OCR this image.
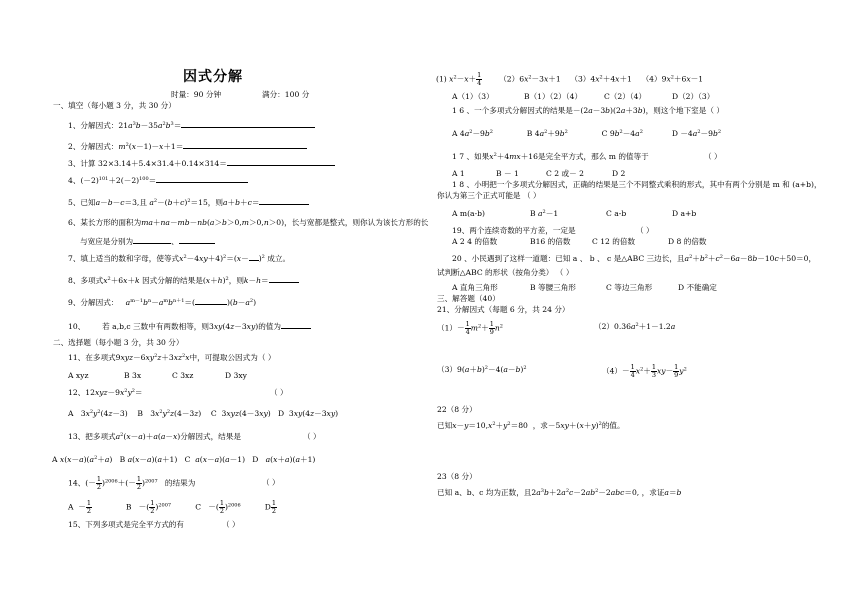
因式分解
时量：90 分钟	满分：100 分
一、填空（每小题 3 分，共 30 分）
1、分解因式：$21a^3b-35a^2b^3=$
2、分解因式：$m^2(x-1)-x+1=$
3、计算 32×3.14＋5.4×31.4＋0.14×314＝
4、$(-2)^{101}+2(-2)^{100}=$
5、已知a－b－c＝3,且 $a^2-(b+c)^2=15$，则a＋b＋c＝
6、某长方形的面积为ma＋na－mb－nb(a＞b＞0,m＞0,n＞0)，长与宽都是整式，则你认为该长方形的长
与宽应是分别为	、
7、填上适当的数和字母，使等式$x^2-4xy+4)^2=(x- )^2$ 成立。
8、多项式$x^2+6x+k$ 因式分解的结果是$(x+h)^2$，则k－h＝
9、分解因式： $a^{m-1}b^n-a^mb^{n+1}=$(	)$(b-a^2)$
10、 若 a,b,c 三数中有两数相等，则3xy(4z－3xy)的值为
二、选择题（每小题 3 分，共 30 分）
11、在多项式$9xyz-6xy^2z+3xz^2x$中，可提取公因式为（ ）
A xyz	B 3x	C 3xz	D 3xy
12、$12xyz-9x^2y^2=$	（ ）
A   $3x^2y^2(4z-3)$    B   $3x^2y^2z(4-3z)$    C  3xyz(4－3xy)   D  3xy(4z－3xy)
13、把多项式$a^2(x-a)+a(a-x)$分解因式，结果是	（ ）
A $x(x-a)(a^2+a)$   B a(x－a)(a＋1)   C  a(x－a)(a－1)   D   a(x＋a)(a＋1)
14、(－ $\frac{1}{2} )^{2006}+(- \frac{1}{2} )^{2007}$ 的结果为	（ ）
$A - \frac{1}{2}$ B   －( $\frac{1}{2} )^{2007}$          C   －( $\frac{1}{2} )^{2006}$          D $\frac{1}{2}$
15、下列多项式是完全平方式的有	（ ）
(1) $x^2-x+ \frac{1}{4} (2)6x^2-3x+1$    $(3)4x^2+4x+1$    $(4)9x^2+6x-1$
A（1）（3）	B（1）（2）（4）	C（2）（4）	D（2）（3）
1 6 、一个多项式分解因式的结果是－(2a－3b)(2a＋3b)，则这个地下室是（ ）
A $4a^2-9b^2$              B $4a^2+9b^2$              C $9b^2-4a^2$            $D -4a^2-9b^2$
1 7 、如果$x^2+4mx+16$是完全平方式，那么 m 的值等于	（ ）
A 1	B － 1	C 2 或－ 2	D 2
1 8 、小明把一个多项式分解因式，正确的结果是三个不同整式乘积的形式，其中有两个分别是 m 和 (a+b)，
你认为第三个正式可能是 （ ）
A m(a-b)	B $a^2-1$	C a-b	D a+b
19、两个连续奇数的平方差，一定是	（ ）
A 2 4 的倍数	B16 的倍数	C 12 的倍数	D 8 的倍数
20 、小民遇到了这样一道题：已知 a 、 b 、 c 是△ABC 三边长，且$a^2+b^2+c^2-6a-8b-10c+50=0$，
试判断△ABC 的形状（按角分类） （ ）
A 直角三角形	B 等腰三角形	C 等边三角形	D 不能确定
三、解答题（40）
21、分解因式（每题 6 分，共 24 分）
$(1)- \frac{1}{4} m^2+ \frac{1}{9} n^2$	$(2)0.36a^2+1-1.2a$
$(3)9(a+b)^2-4(a-b)^2$	$(4)- \frac{1}{4} x^2+ \frac{1}{3} xy- \frac{1}{9} y^2$
22（8 分）
已知$x-y=10,x^2+y^2=80$  ，求$-5xy+(x+y)^2$的值。
23（8 分）
已知 a、b、c 均为正数，且$2a^3b+2a^2c-2ab^2-2abc=0$, ，求证a＝b
